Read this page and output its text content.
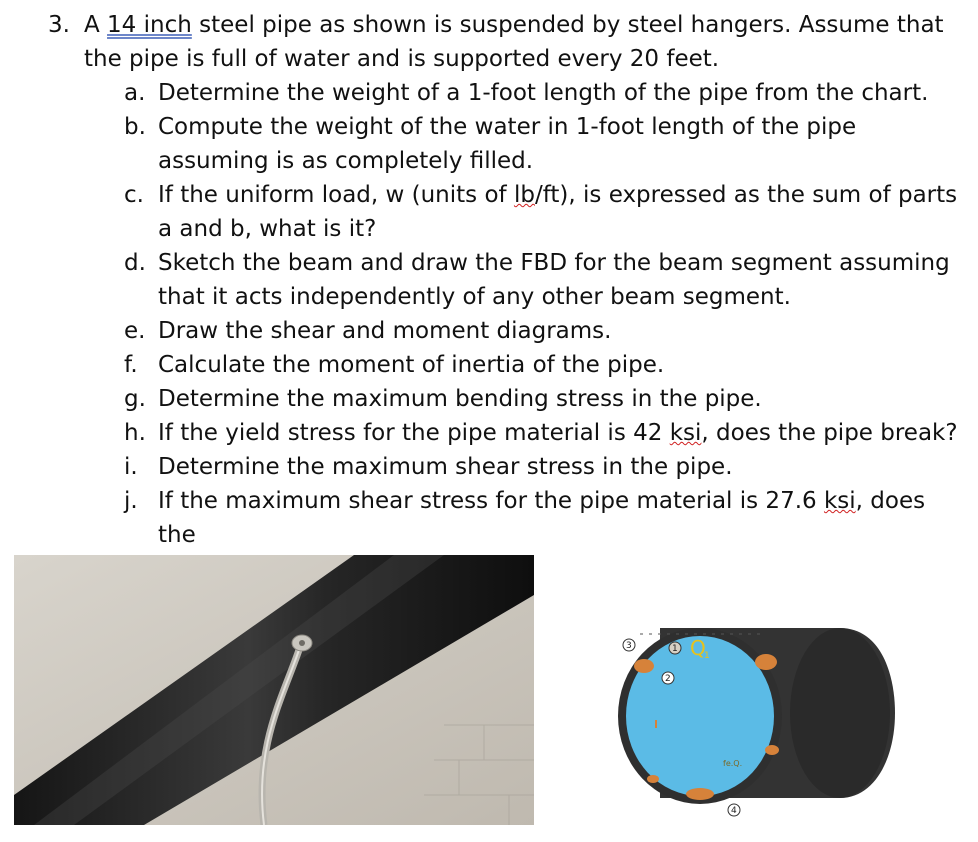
3. A 14 inch steel pipe as shown is suspended by steel hangers. Assume that
the pipe is full of water and is supported every 20 feet.
a. Determine the weight of a 1-foot length of the pipe from the chart.
b. Compute the weight of the water in 1-foot length of the pipe
assuming is as completely filled.
c. If the uniform load, w (units of lb/ft), is expressed as the sum of parts
a and b, what is it?
d. Sketch the beam and draw the FBD for the beam segment assuming
that it acts independently of any other beam segment.
e. Draw the shear and moment diagrams.
f. Calculate the moment of inertia of the pipe.
g. Determine the maximum bending stress in the pipe.
h. If the yield stress for the pipe material is 42 ksi, does the pipe break?
i. Determine the maximum shear stress in the pipe.
j. If the maximum shear stress for the pipe material is 27.6 ksi, does the
3	1
2
4
fe.Q.
Q
1
